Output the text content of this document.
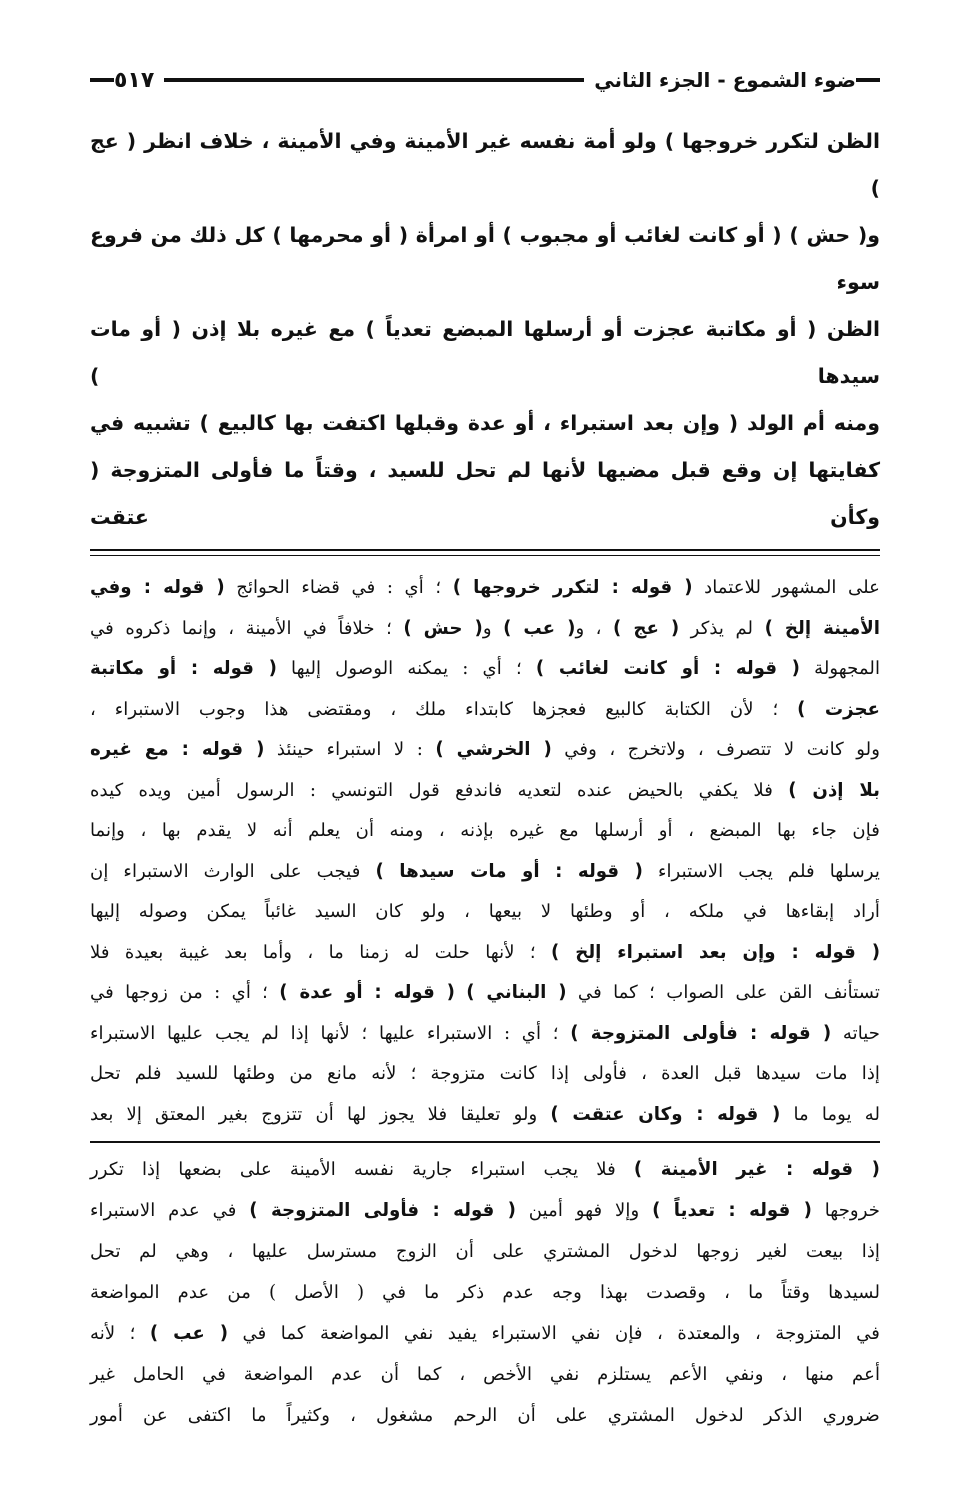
ضوء الشموع - الجزء الثاني
٥١٧

الظن لتكرر خروجها ) ولو أمة نفسه غير الأمينة وفي الأمينة ، خلاف انظر ( عج )

و( حش ) ( أو كانت لغائب أو مجبوب ) أو امرأة ( أو محرمها ) كل ذلك من فروع سوء

الظن ( أو مكاتبة عجزت أو أرسلها المبضع تعدياً ) مع غيره بلا إذن ( أو مات سيدها )

ومنه أم الولد ( وإن بعد استبراء ، أو عدة وقبلها اكتفت بها كالبيع ) تشبيه في

كفايتها إن وقع قبل مضيها لأنها لم تحل للسيد ، وقتاً ما فأولى المتزوجة ( وكأن عتقت

على المشهور للاعتماد ( قوله : لتكرر خروجها ) ؛ أي : في قضاء الحوائج ( قوله : وفي

الأمينة إلخ ) لم يذكر ( عج ) ، و( عب ) و( حش ) ؛ خلافاً في الأمينة ، وإنما ذكروه في

المجهولة ( قوله : أو كانت لغائب ) ؛ أي : يمكنه الوصول إليها ( قوله : أو مكاتبة

عجزت ) ؛ لأن الكتابة كالبيع فعجزها كابتداء ملك ، ومقتضى هذا وجوب الاستبراء ،

ولو كانت لا تتصرف ، ولاتخرج ، وفي ( الخرشي ) : لا استبراء حينئذ ( قوله : مع غيره

بلا إذن ) فلا يكفي بالحيض عنده لتعديه فاندفع قول التونسي : الرسول أمين ويده كيده

فإن جاء بها المبضع ، أو أرسلها مع غيره بإذنه ، ومنه أن يعلم أنه لا يقدم بها ، وإنما

يرسلها فلم يجب الاستبراء ( قوله : أو مات سيدها ) فيجب على الوارث الاستبراء إن

أراد إبقاءها في ملكه ، أو وطئها لا بيعها ، ولو كان السيد غائباً يمكن وصوله إليها

( قوله : وإن بعد استبراء إلخ ) ؛ لأنها حلت له زمنا ما ، وأما بعد غيبة بعيدة فلا

تستأنف القن على الصواب ؛ كما في ( البناني ) ( قوله : أو عدة ) ؛ أي : من زوجها في

حياته ( قوله : فأولى المتزوجة ) ؛ أي : الاستبراء عليها ؛ لأنها إذا لم يجب عليها الاستبراء

إذا مات سيدها قبل العدة ، فأولى إذا كانت متزوجة ؛ لأنه مانع من وطئها للسيد فلم تحل

له يوما ما ( قوله : وكان عتقت ) ولو تعليقا فلا يجوز لها أن تتزوج بغير المعتق إلا بعد

( قوله : غير الأمينة ) فلا يجب استبراء جارية نفسه الأمينة على بضعها إذا تكرر

خروجها ( قوله : تعدياً ) وإلا فهو أمين ( قوله : فأولى المتزوجة ) في عدم الاستبراء

إذا بيعت لغير زوجها لدخول المشتري على أن الزوج مسترسل عليها ، وهي لم تحل

لسيدها وقتاً ما ، وقصدت بهذا وجه عدم ذكر ما في ( الأصل ) من عدم المواضعة

في المتزوجة ، والمعتدة ، فإن نفي الاستبراء يفيد نفي المواضعة كما في ( عب ) ؛ لأنه

أعم منها ، ونفي الأعم يستلزم نفي الأخص ، كما أن عدم المواضعة في الحامل غير

ضروري الذكر لدخول المشتري على أن الرحم مشغول ، وكثيراً ما اكتفى عن أمور
